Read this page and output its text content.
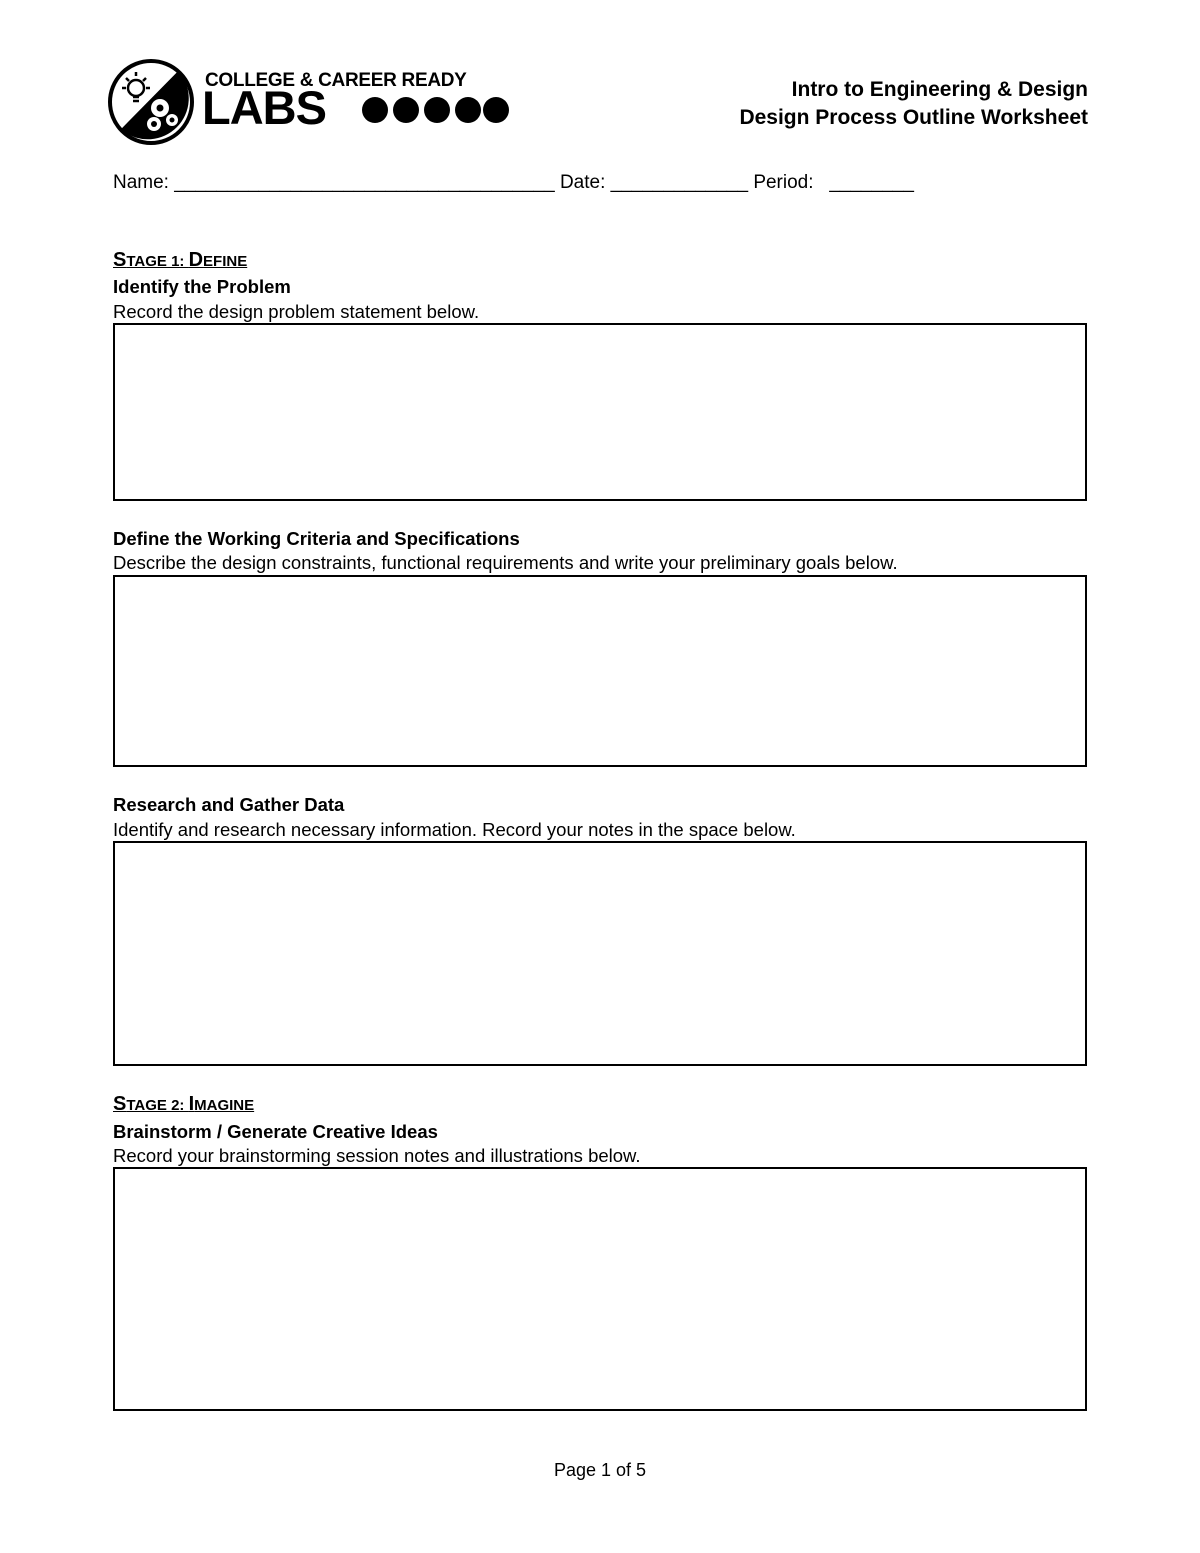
COLLEGE & CAREER READY
LABS	Intro to Engineering & Design
Design Process Outline Worksheet
Name: ____________________________________ Date: _____________ Period: ________
STAGE 1: DEFINE
Identify the Problem
Record the design problem statement below.
Define the Working Criteria and Specifications
Describe the design constraints, functional requirements and write your preliminary goals below.
Research and Gather Data
Identify and research necessary information. Record your notes in the space below.
STAGE 2: IMAGINE
Brainstorm / Generate Creative Ideas
Record your brainstorming session notes and illustrations below.
Page 1 of 5
